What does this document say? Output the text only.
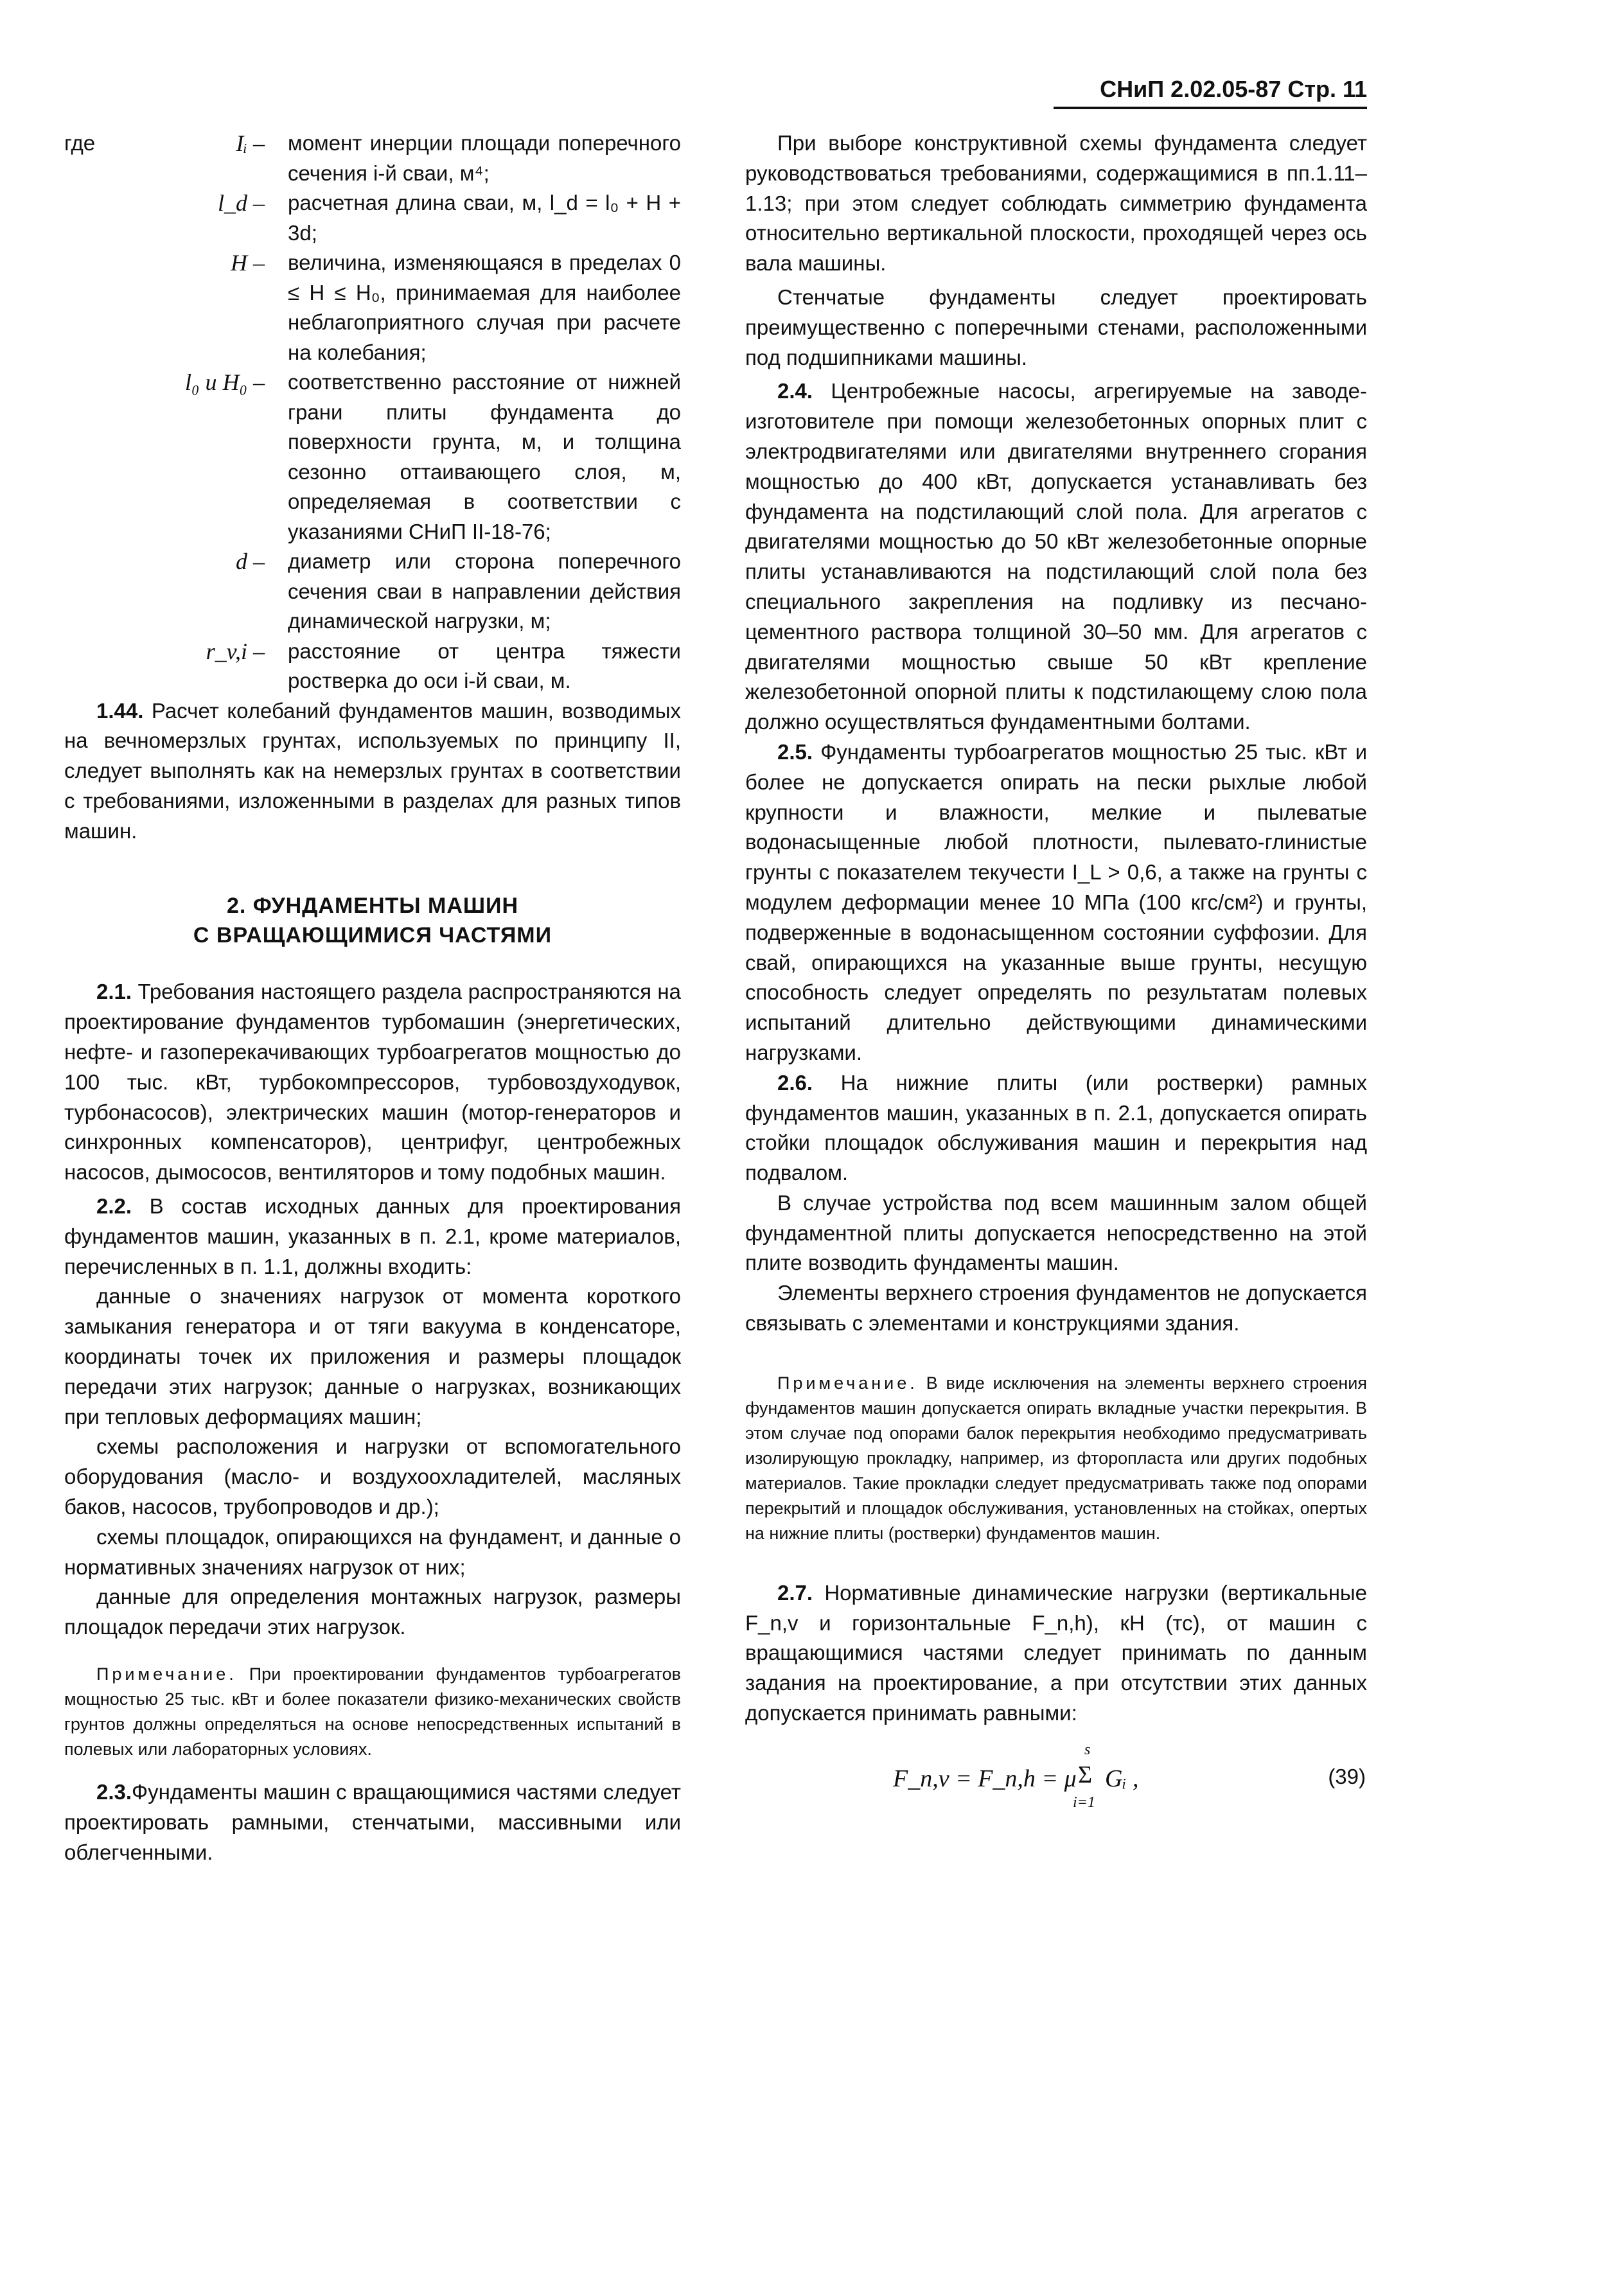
СНиП 2.02.05-87 Стр. 11
где	Iᵢ – момент инерции площади поперечного сечения i-й сваи, м⁴;
l_d – расчетная длина сваи, м, l_d = l₀ + H + 3d;
H – величина, изменяющаяся в пределах 0 ≤ H ≤ H₀, принимаемая для наиболее неблагоприятного случая при расчете на колебания;
l₀ и H₀ – соответственно расстояние от нижней грани плиты фундамента до поверхности грунта, м, и толщина сезонно оттаивающего слоя, м, определяемая в соответствии с указаниями СНиП II-18-76;
d – диаметр или сторона поперечного сечения сваи в направлении действия динамической нагрузки, м;
r_v,i – расстояние от центра тяжести ростверка до оси i-й сваи, м.

1.44. Расчет колебаний фундаментов машин, возводимых на вечномерзлых грунтах, используемых по принципу II, следует выполнять как на немерзлых грунтах в соответствии с требованиями, изложенными в разделах для разных типов машин.

2. ФУНДАМЕНТЫ МАШИН
С ВРАЩАЮЩИМИСЯ ЧАСТЯМИ

2.1. Требования настоящего раздела распространяются на проектирование фундаментов турбомашин (энергетических, нефте- и газоперекачивающих турбоагрегатов мощностью до 100 тыс. кВт, турбокомпрессоров, турбовоздуходувок, турбонасосов), электрических машин (мотор-генераторов и синхронных компенсаторов), центрифуг, центробежных насосов, дымососов, вентиляторов и тому подобных машин.

2.2. В состав исходных данных для проектирования фундаментов машин, указанных в п. 2.1, кроме материалов, перечисленных в п. 1.1, должны входить:

данные о значениях нагрузок от момента короткого замыкания генератора и от тяги вакуума в конденсаторе, координаты точек их приложения и размеры площадок передачи этих нагрузок; данные о нагрузках, возникающих при тепловых деформациях машин;

схемы расположения и нагрузки от вспомогательного оборудования (масло- и воздухоохладителей, масляных баков, насосов, трубопроводов и др.);

схемы площадок, опирающихся на фундамент, и данные о нормативных значениях нагрузок от них;

данные для определения монтажных нагрузок, размеры площадок передачи этих нагрузок.

Примечание. При проектировании фундаментов турбоагрегатов мощностью 25 тыс. кВт и более показатели физико-механических свойств грунтов должны определяться на основе непосредственных испытаний в полевых или лабораторных условиях.

2.3.Фундаменты машин с вращающимися частями следует проектировать рамными, стенчатыми, массивными или облегченными.

При выборе конструктивной схемы фундамента следует руководствоваться требованиями, содержащимися в пп.1.11–1.13; при этом следует соблюдать симметрию фундамента относительно вертикальной плоскости, проходящей через ось вала машины.

Стенчатые фундаменты следует проектировать преимущественно с поперечными стенами, расположенными под подшипниками машины.

2.4. Центробежные насосы, агрегируемые на заводе-изготовителе при помощи железобетонных опорных плит с электродвигателями или двигателями внутреннего сгорания мощностью до 400 кВт, допускается устанавливать без фундамента на подстилающий слой пола. Для агрегатов с двигателями мощностью до 50 кВт железобетонные опорные плиты устанавливаются на подстилающий слой пола без специального закрепления на подливку из песчано-цементного раствора толщиной 30–50 мм. Для агрегатов с двигателями мощностью свыше 50 кВт крепление железобетонной опорной плиты к подстилающему слою пола должно осуществляться фундаментными болтами.

2.5. Фундаменты турбоагрегатов мощностью 25 тыс. кВт и более не допускается опирать на пески рыхлые любой крупности и влажности, мелкие и пылеватые водонасыщенные любой плотности, пылевато-глинистые грунты с показателем текучести I_L > 0,6, а также на грунты с модулем деформации менее 10 МПа (100 кгс/см²) и грунты, подверженные в водонасыщенном состоянии суффозии. Для свай, опирающихся на указанные выше грунты, несущую способность следует определять по результатам полевых испытаний длительно действующими динамическими нагрузками.

2.6. На нижние плиты (или ростверки) рамных фундаментов машин, указанных в п. 2.1, допускается опирать стойки площадок обслуживания машин и перекрытия над подвалом.

В случае устройства под всем машинным залом общей фундаментной плиты допускается непосредственно на этой плите возводить фундаменты машин.

Элементы верхнего строения фундаментов не допускается связывать с элементами и конструкциями здания.

Примечание. В виде исключения на элементы верхнего строения фундаментов машин допускается опирать вкладные участки перекрытия. В этом случае под опорами балок перекрытия необходимо предусматривать изолирующую прокладку, например, из фторопласта или других подобных материалов. Такие прокладки следует предусматривать также под опорами перекрытий и площадок обслуживания, установленных на стойках, опертых на нижние плиты (ростверки) фундаментов машин.

2.7. Нормативные динамические нагрузки (вертикальные F_n,v и горизонтальные F_n,h), кН (тс), от машин с вращающимися частями следует принимать по данным задания на проектирование, а при отсутствии этих данных допускается принимать равными:

F_n,v = F_n,h = μ
s
Σ
i=1
Gᵢ ,	(39)
